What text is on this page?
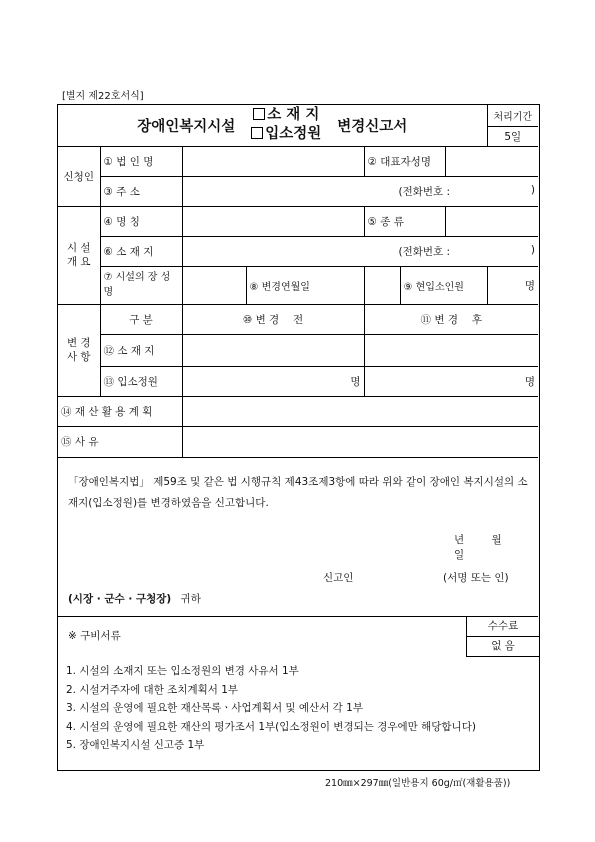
[별지 제22호서식]
장애인복지시설
소 재 지
입소정원 변경신고서							처리기간
							5일
신청인	① 법 인 명			② 대표자성명			
	③ 주 소	(전화번호 : )					

시 설
개 요	④ 명 칭			⑤ 종 류			
	⑥ 소 재 지	(전화번호 : )					

	⑦ 시설의 장 성명		⑧ 변경연월일		⑨ 현입소인원		명
변 경
사 항	구 분	⑩ 변 경　 전		⑪ 변 경　 후			
	⑫ 소 재 지						
	⑬ 입소정원	명		명			
⑭ 재 산 활 용 계 획							
⑮ 사 유							
「장애인복지법」 제59조 및 같은 법 시행규칙 제43조제3항에 따라 위와 같이 장애인 복지시설의 소재지(입소정원)를 변경하였음을 신고합니다.
년 월 일
신고인	(서명 또는 인)
(시장 · 군수 · 구청장) 귀하
※ 구비서류
수수료
없 음
1. 시설의 소재지 또는 입소정원의 변경 사유서 1부
2. 시설거주자에 대한 조치계획서 1부
3. 시설의 운영에 필요한 재산목록ㆍ사업계획서 및 예산서 각 1부
4. 시설의 운영에 필요한 재산의 평가조서 1부(입소정원이 변경되는 경우에만 해당합니다)
5. 장애인복지시설 신고증 1부
210㎜×297㎜(일반용지 60g/㎡(재활용품))
